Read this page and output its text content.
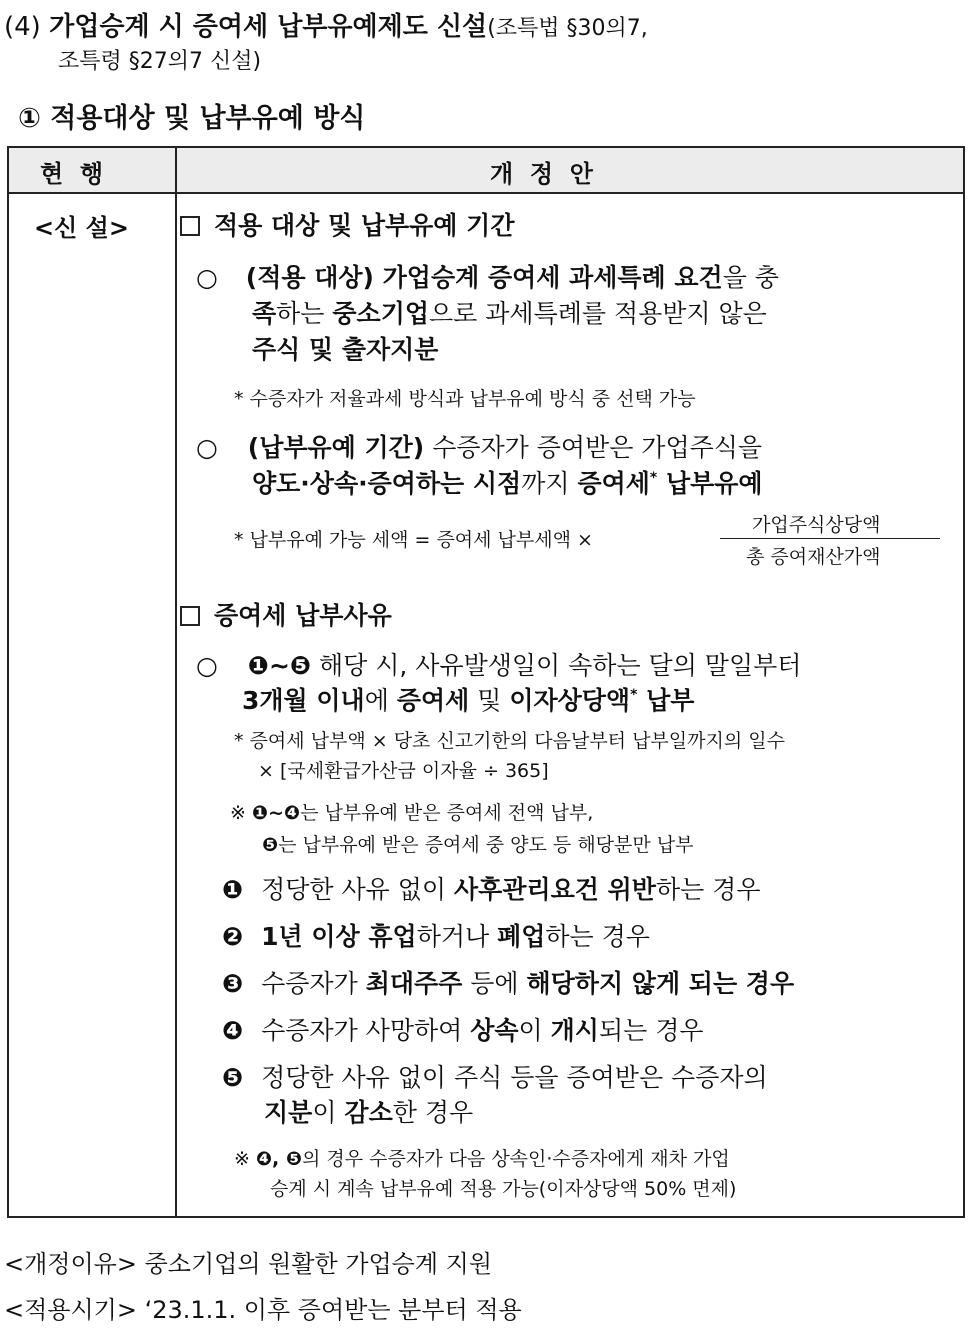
(4) 가업승계 시 증여세 납부유예제도 신설(조특법 §30의7,
조특령 §27의7 신설)
① 적용대상 및 납부유예 방식
현  행	개  정  안
<신 설>	적용 대상 및 납부유예 기간
○ (적용 대상) 가업승계 증여세 과세특례 요건을 충
족하는 중소기업으로 과세특례를 적용받지 않은
주식 및 출자지분
* 수증자가 저율과세 방식과 납부유예 방식 중 선택 가능
○ (납부유예 기간) 수증자가 증여받은 가업주식을
양도·상속·증여하는 시점까지 증여세* 납부유예
* 납부유예 가능 세액 = 증여세 납부세액 ×
가업주식상당액
총 증여재산가액
증여세 납부사유
○ ❶~❺ 해당 시, 사유발생일이 속하는 달의 말일부터
3개월 이내에 증여세 및 이자상당액* 납부
* 증여세 납부액 × 당초 신고기한의 다음날부터 납부일까지의 일수
× [국세환급가산금 이자율 ÷ 365]
※ ❶~❹는 납부유예 받은 증여세 전액 납부,
❺는 납부유예 받은 증여세 중 양도 등 해당분만 납부
❶ 정당한 사유 없이 사후관리요건 위반하는 경우
❷ 1년 이상 휴업하거나 폐업하는 경우
❸ 수증자가 최대주주 등에 해당하지 않게 되는 경우
❹ 수증자가 사망하여 상속이 개시되는 경우
❺ 정당한 사유 없이 주식 등을 증여받은 수증자의
지분이 감소한 경우
※ ❹, ❺의 경우 수증자가 다음 상속인·수증자에게 재차 가업
승계 시 계속 납부유예 적용 가능(이자상당액 50% 면제)
<개정이유> 중소기업의 원활한 가업승계 지원
<적용시기> ‘23.1.1. 이후 증여받는 분부터 적용
